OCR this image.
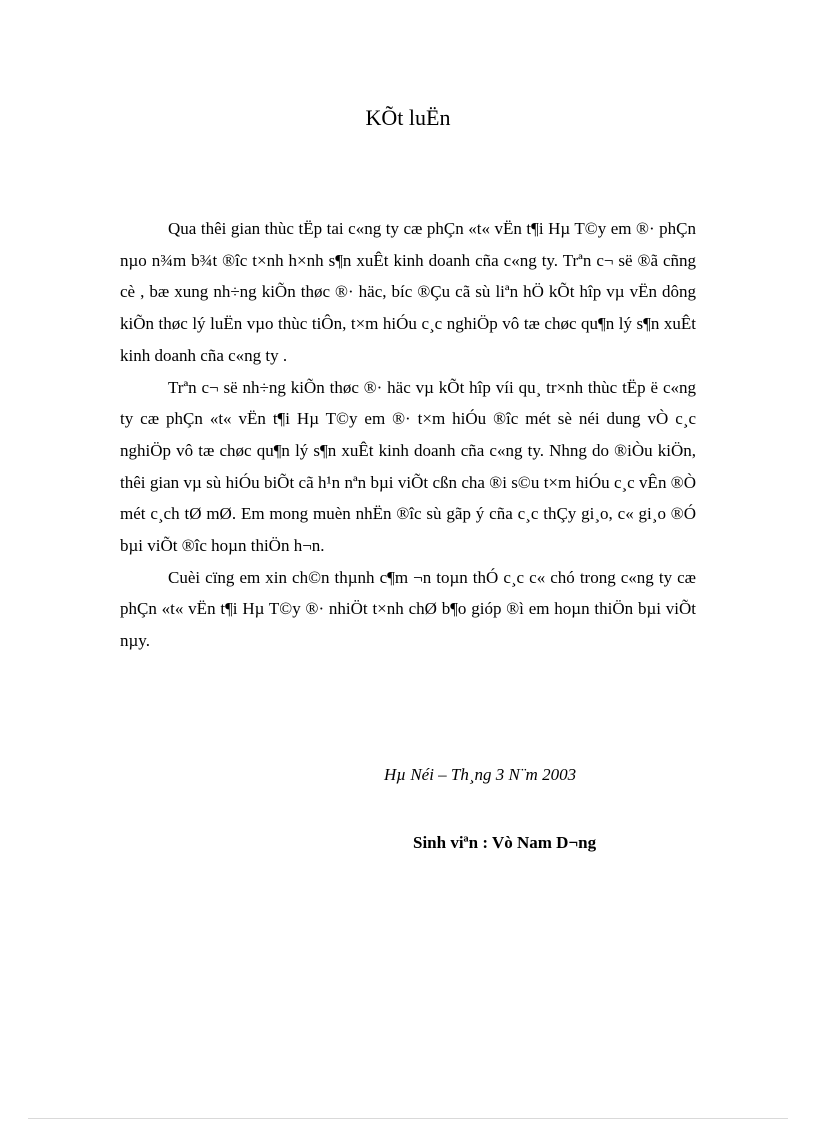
KÕt luËn

Qua thêi gian thùc tËp tai c«ng ty cæ phÇn «t« vËn t¶i Hµ T©y em ®· phÇn nµo n¾m b¾t ®îc t×nh h×nh s¶n xuÊt kinh doanh cña c«ng ty. Trªn c¬ së ®ã cñng cè , bæ xung nh÷ng kiÕn thøc ®· häc, bíc ®Çu cã sù liªn hÖ kÕt hîp vµ vËn dông kiÕn thøc lý luËn vµo thùc tiÔn, t×m hiÓu c¸c nghiÖp vô tæ chøc qu¶n lý s¶n xuÊt kinh doanh cña c«ng ty .

Trªn c¬ së nh÷ng kiÕn thøc ®· häc vµ kÕt hîp víi qu¸ tr×nh thùc tËp ë c«ng ty cæ phÇn «t« vËn t¶i Hµ T©y em ®· t×m hiÓu ®îc mét sè néi dung vÒ c¸c nghiÖp vô tæ chøc qu¶n lý s¶n xuÊt kinh doanh cña c«ng ty. Nhng do ®iÒu kiÖn, thêi gian vµ sù hiÓu biÕt cã h¹n nªn bµi viÕt cßn cha ®i s©u t×m hiÓu c¸c vÊn ®Ò mét c¸ch tØ mØ. Em mong muèn nhËn ®îc sù gãp ý cña c¸c thÇy gi¸o, c« gi¸o ®Ó bµi viÕt ®îc hoµn thiÖn h¬n.

Cuèi cïng em xin ch©n thµnh c¶m ¬n toµn thÓ c¸c c« chó trong c«ng ty cæ phÇn «t« vËn t¶i Hµ T©y ®· nhiÖt t×nh chØ b¶o gióp ®ì em hoµn thiÖn bµi viÕt nµy.

Hµ Néi – Th¸ng 3 N¨m 2003
Sinh viªn : Vò Nam D¬ng
